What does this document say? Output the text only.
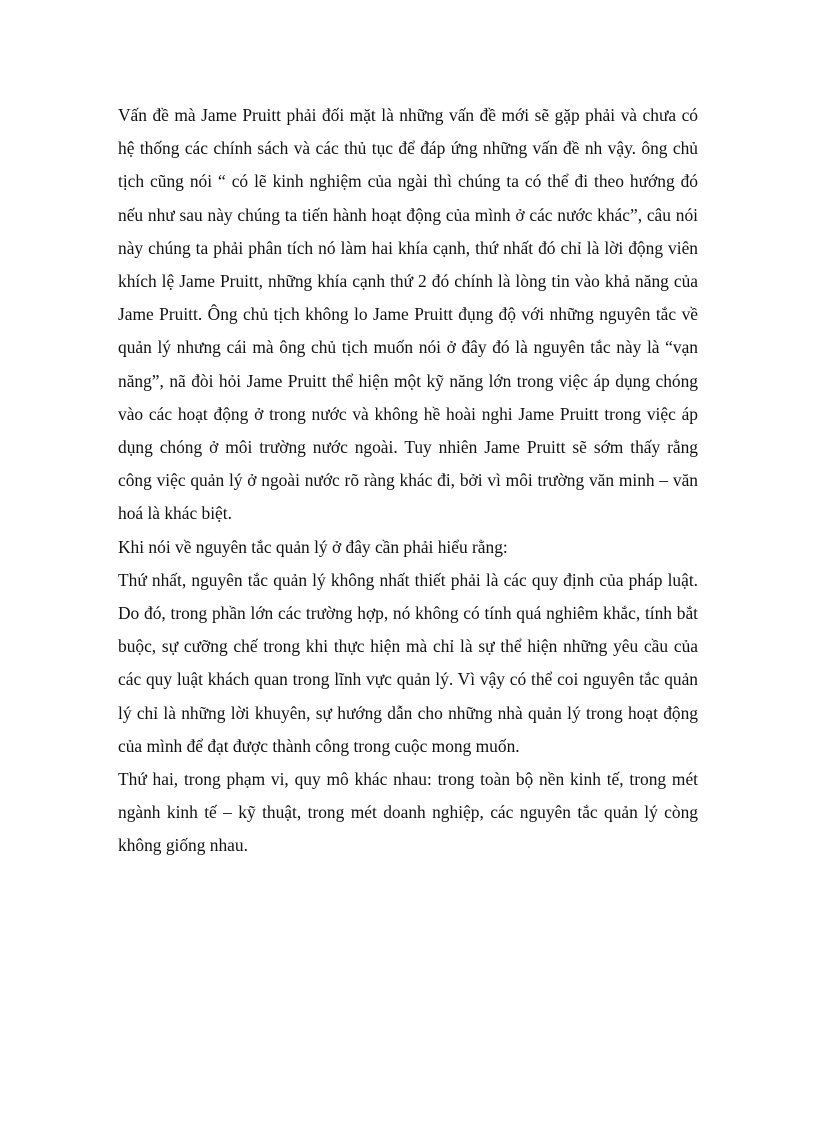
Vấn đề mà Jame Pruitt phải đối mặt là những vấn đề mới sẽ gặp phải và chưa có hệ thống các chính sách và các thủ tục để đáp ứng những vấn đề nh vậy. ông chủ tịch cũng nói “ có lẽ kinh nghiệm của ngài thì chúng ta có thể đi theo hướng đó nếu như sau này chúng ta tiến hành hoạt động của mình ở các nước khác”, câu nói này chúng ta phải phân tích nó làm hai khía cạnh, thứ nhất đó chỉ là lời động viên khích lệ Jame Pruitt, những khía cạnh thứ 2 đó chính là lòng tin vào khả năng của Jame Pruitt. Ông chủ tịch không lo Jame Pruitt đụng độ với những nguyên tắc về quản lý nhưng cái mà ông chủ tịch muốn nói ở đây đó là nguyên tắc này là “vạn năng”, nã đòi hỏi Jame Pruitt thể hiện một kỹ năng lớn trong việc áp dụng chóng vào các hoạt động ở trong nước và không hề hoài nghi Jame Pruitt trong việc áp dụng chóng ở môi trường nước ngoài. Tuy nhiên Jame Pruitt sẽ sớm thấy rằng công việc quản lý ở ngoài nước rõ ràng khác đi, bởi vì môi trường văn minh – văn hoá là khác biệt.

Khi nói về nguyên tắc quản lý ở đây cần phải hiểu rằng:

Thứ nhất, nguyên tắc quản lý không nhất thiết phải là các quy định của pháp luật. Do đó, trong phần lớn các trường hợp, nó không có tính quá nghiêm khắc, tính bắt buộc, sự cưỡng chế trong khi thực hiện mà chỉ là sự thể hiện những yêu cầu của các quy luật khách quan trong lĩnh vực quản lý. Vì vậy có thể coi nguyên tắc quản lý chỉ là những lời khuyên, sự hướng dẫn cho những nhà quản lý trong hoạt động của mình để đạt được thành công trong cuộc mong muốn.

Thứ hai, trong phạm vi, quy mô khác nhau: trong toàn bộ nền kinh tế, trong mét ngành kinh tế – kỹ thuật, trong mét doanh nghiệp, các nguyên tắc quản lý còng không giống nhau.
